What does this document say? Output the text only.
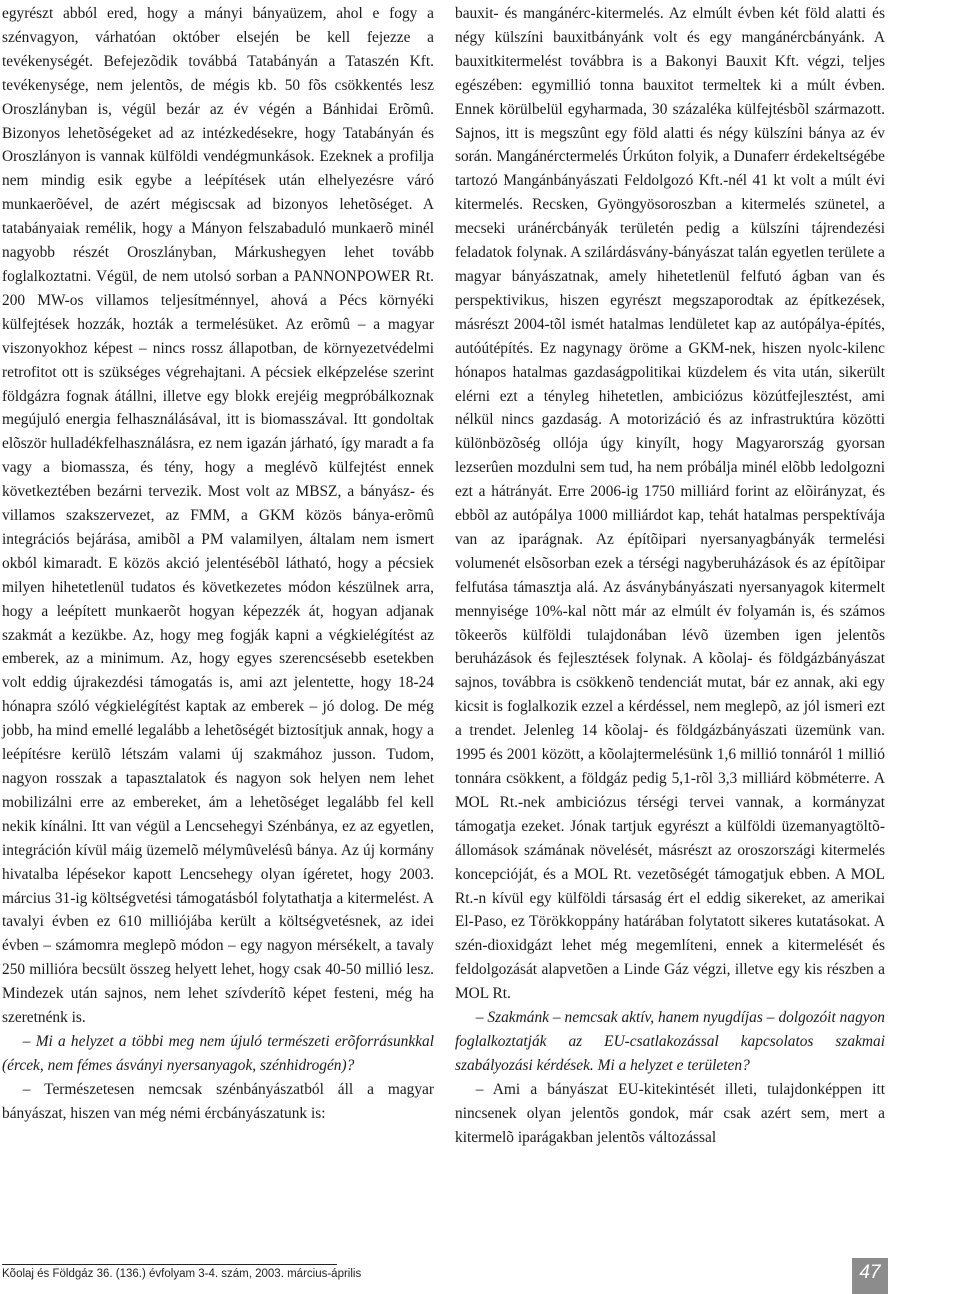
egyrészt abból ered, hogy a mányi bányaüzem, ahol e fogy a szénvagyon, várhatóan október elsején be kell fejezze a tevékenységét. Befejezõdik továbbá Tatabányán a Tataszén Kft. tevékenysége, nem jelentõs, de mégis kb. 50 fõs csökkentés lesz Oroszlányban is, végül bezár az év végén a Bánhidai Erõmû. Bizonyos lehetõségeket ad az intézkedésekre, hogy Tatabányán és Oroszlányon is vannak külföldi vendégmunkások. Ezeknek a profilja nem mindig esik egybe a leépítések után elhelyezésre váró munkaerõével, de azért mégiscsak ad bizonyos lehetõséget. A tatabányaiak remélik, hogy a Mányon felszabaduló munkaerõ minél nagyobb részét Oroszlányban, Márkushegyen lehet tovább foglalkoztatni. Végül, de nem utolsó sorban a PANNONPOWER Rt. 200 MW-os villamos teljesítménnyel, ahová a Pécs környéki külfejtések hozzák, hozták a termelésüket. Az erõmû – a magyar viszonyokhoz képest – nincs rossz állapotban, de környezetvédelmi retrofitot ott is szükséges végrehajtani. A pécsiek elképzelése szerint földgázra fognak átállni, illetve egy blokk erejéig megpróbálkoznak megújuló energia felhasználásával, itt is biomasszával. Itt gondoltak elõször hulladékfelhasználásra, ez nem igazán járható, így maradt a fa vagy a biomassza, és tény, hogy a meglévõ külfejtést ennek következtében bezárni tervezik. Most volt az MBSZ, a bányász- és villamos szakszervezet, az FMM, a GKM közös bánya-erõmû integrációs bejárása, amibõl a PM valamilyen, általam nem ismert okból kimaradt. E közös akció jelentésébõl látható, hogy a pécsiek milyen hihetetlenül tudatos és következetes módon készülnek arra, hogy a leépített munkaerõt hogyan képezzék át, hogyan adjanak szakmát a kezükbe. Az, hogy meg fogják kapni a végkielégítést az emberek, az a minimum. Az, hogy egyes szerencsésebb esetekben volt eddig újrakezdési támogatás is, ami azt jelentette, hogy 18-24 hónapra szóló végkielégítést kaptak az emberek – jó dolog. De még jobb, ha mind emellé legalább a lehetõségét biztosítjuk annak, hogy a leépítésre kerülõ létszám valami új szakmához jusson. Tudom, nagyon rosszak a tapasztalatok és nagyon sok helyen nem lehet mobilizálni erre az embereket, ám a lehetõséget legalább fel kell nekik kínálni. Itt van végül a Lencsehegyi Szénbánya, ez az egyetlen, integráción kívül máig üzemelõ mélymûvelésû bánya. Az új kormány hivatalba lépésekor kapott Lencsehegy olyan ígéretet, hogy 2003. március 31-ig költségvetési támogatásból folytathatja a kitermelést. A tavalyi évben ez 610 milliójába került a költségvetésnek, az idei évben – számomra meglepõ módon – egy nagyon mérsékelt, a tavaly 250 millióra becsült összeg helyett lehet, hogy csak 40-50 millió lesz. Mindezek után sajnos, nem lehet szívderítõ képet festeni, még ha szeretnénk is.

– Mi a helyzet a többi meg nem újuló természeti erõforrásunkkal (ércek, nem fémes ásványi nyersanyagok, szénhidrogén)?

– Természetesen nemcsak szénbányászatból áll a magyar bányászat, hiszen van még némi ércbányászatunk is:

bauxit- és mangánérc-kitermelés. Az elmúlt évben két föld alatti és négy külszíni bauxitbányánk volt és egy mangánércbányánk. A bauxitkitermelést továbbra is a Bakonyi Bauxit Kft. végzi, teljes egészében: egymillió tonna bauxitot termeltek ki a múlt évben. Ennek körülbelül egyharmada, 30 százaléka külfejtésbõl származott. Sajnos, itt is megszûnt egy föld alatti és négy külszíni bánya az év során. Mangánérctermelés Úrkúton folyik, a Dunaferr érdekeltségébe tartozó Mangánbányászati Feldolgozó Kft.-nél 41 kt volt a múlt évi kitermelés. Recsken, Gyöngyösoroszban a kitermelés szünetel, a mecseki uránércbányák területén pedig a külszíni tájrendezési feladatok folynak. A szilárdásvány-bányászat talán egyetlen területe a magyar bányászatnak, amely hihetetlenül felfutó ágban van és perspektivikus, hiszen egyrészt megszaporodtak az építkezések, másrészt 2004-tõl ismét hatalmas lendületet kap az autópálya-építés, autóútépítés. Ez nagynagy öröme a GKM-nek, hiszen nyolc-kilenc hónapos hatalmas gazdaságpolitikai küzdelem és vita után, sikerült elérni ezt a tényleg hihetetlen, ambiciózus közútfejlesztést, ami nélkül nincs gazdaság. A motorizáció és az infrastruktúra közötti különbözõség ollója úgy kinyílt, hogy Magyarország gyorsan lezserûen mozdulni sem tud, ha nem próbálja minél elõbb ledolgozni ezt a hátrányát. Erre 2006-ig 1750 milliárd forint az elõirányzat, és ebbõl az autópálya 1000 milliárdot kap, tehát hatalmas perspektívája van az iparágnak. Az építõipari nyersanyagbányák termelési volumenét elsõsorban ezek a térségi nagyberuházások és az építõipar felfutása támasztja alá. Az ásványbányászati nyersanyagok kitermelt mennyisége 10%-kal nõtt már az elmúlt év folyamán is, és számos tõkeerõs külföldi tulajdonában lévõ üzemben igen jelentõs beruházások és fejlesztések folynak. A kõolaj- és földgázbányászat sajnos, továbbra is csökkenõ tendenciát mutat, bár ez annak, aki egy kicsit is foglalkozik ezzel a kérdéssel, nem meglepõ, az jól ismeri ezt a trendet. Jelenleg 14 kõolaj- és földgázbányászati üzemünk van. 1995 és 2001 között, a kõolajtermelésünk 1,6 millió tonnáról 1 millió tonnára csökkent, a földgáz pedig 5,1-rõl 3,3 milliárd köbméterre. A MOL Rt.-nek ambiciózus térségi tervei vannak, a kormányzat támogatja ezeket. Jónak tartjuk egyrészt a külföldi üzemanyagtöltõ-állomások számának növelését, másrészt az oroszországi kitermelés koncepcióját, és a MOL Rt. vezetõségét támogatjuk ebben. A MOL Rt.-n kívül egy külföldi társaság ért el eddig sikereket, az amerikai El-Paso, ez Törökkoppány határában folytatott sikeres kutatásokat. A szén-dioxidgázt lehet még megemlíteni, ennek a kitermelését és feldolgozását alapvetõen a Linde Gáz végzi, illetve egy kis részben a MOL Rt.

– Szakmánk – nemcsak aktív, hanem nyugdíjas – dolgozóit nagyon foglalkoztatják az EU-csatlakozással kapcsolatos szakmai szabályozási kérdések. Mi a helyzet e területen?

– Ami a bányászat EU-kitekintését illeti, tulajdonképpen itt nincsenek olyan jelentõs gondok, már csak azért sem, mert a kitermelõ iparágakban jelentõs változással

Kõolaj és Földgáz 36. (136.) évfolyam 3-4. szám, 2003. március-április	47
